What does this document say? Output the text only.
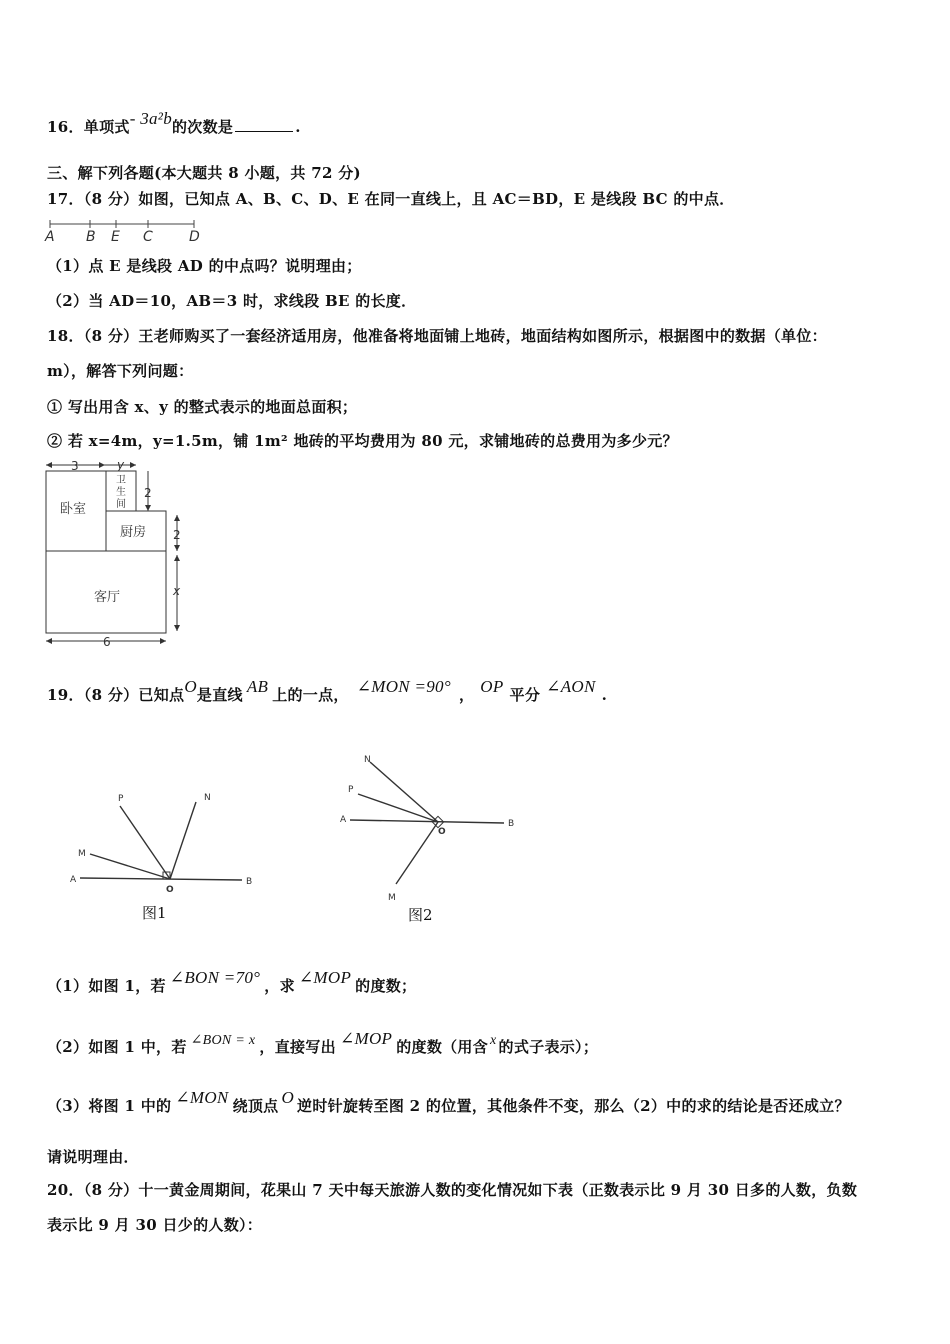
16．单项式- 3a²b的次数是	.
三、解下列各题(本大题共 8 小题，共 72 分)
17．（8 分）如图，已知点 A、B、C、D、E 在同一直线上，且 AC＝BD，E 是线段 BC 的中点．
A B E C	D
（1）点 E 是线段 AD 的中点吗？说明理由；
（2）当 AD＝10，AB＝3 时，求线段 BE 的长度．
18．（8 分）王老师购买了一套经济适用房，他准备将地面铺上地砖，地面结构如图所示，根据图中的数据（单位：
m），解答下列问题：
① 写出用含 x、y 的整式表示的地面总面积；
② 若 x=4m，y=1.5m，铺 1m² 地砖的平均费用为 80 元，求铺地砖的总费用为多少元？
3	y
2
2
x
6
卧室
卫
生
间
厨房
客厅
19．（8 分）已知点O是直线 AB 上的一点， ∠MON =90° ， OP 平分 ∠AON .
P	N
M
A
O
B
图1
N
P
A
O
B
M
图2
（1）如图 1，若 ∠BON =70° ，求 ∠MOP 的度数；
（2）如图 1 中，若 ∠BON = x ，直接写出 ∠MOP 的度数（用含 x 的式子表示）；
（3）将图 1 中的 ∠MON 绕顶点 O 逆时针旋转至图 2 的位置，其他条件不变，那么（2）中的求的结论是否还成立？
请说明理由．
20．（8 分）十一黄金周期间，花果山 7 天中每天旅游人数的变化情况如下表（正数表示比 9 月 30 日多的人数，负数
表示比 9 月 30 日少的人数）：
